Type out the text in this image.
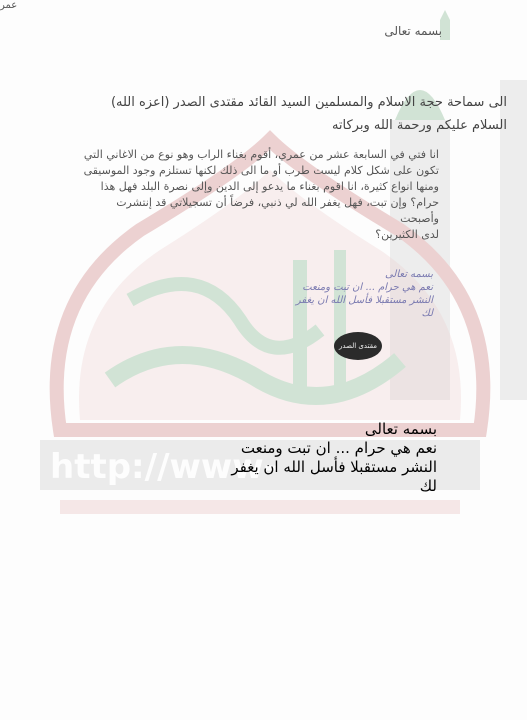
http://www-
بسمه تعالى
الى سماحة حجة الاسلام والمسلمين السيد القائد مقتدى الصدر (اعزه الله)
السلام عليكم ورحمة الله وبركاته
انا فتي في السابعة عشر من عمري، أقوم بغناء الراب وهو نوع من الاغاني التي
تكون على شكل كلام ليست طرب أو ما الى ذلك لكنها تستلزم وجود الموسيقى
ومنها انواع كثيرة، انا اقوم بغناء ما يدعو إلى الدين وإلى نصرة البلد فهل هذا
حرام؟ وإن تبت، فهل يغفر الله لي ذنبي، فرضاً أن تسجيلاتي قد إنتشرت وأصبحت
لدى الكثيرين؟
عمر
بسمه تعالى
نعم هي حرام ... ان تبت ومنعت
النشر مستقبلا فأسل الله ان يغفر
لك
مقتدى الصدر
بسمه تعالى
نعم هي حرام ... ان تبت ومنعت
النشر مستقبلا فأسل الله ان يغفر
لك
